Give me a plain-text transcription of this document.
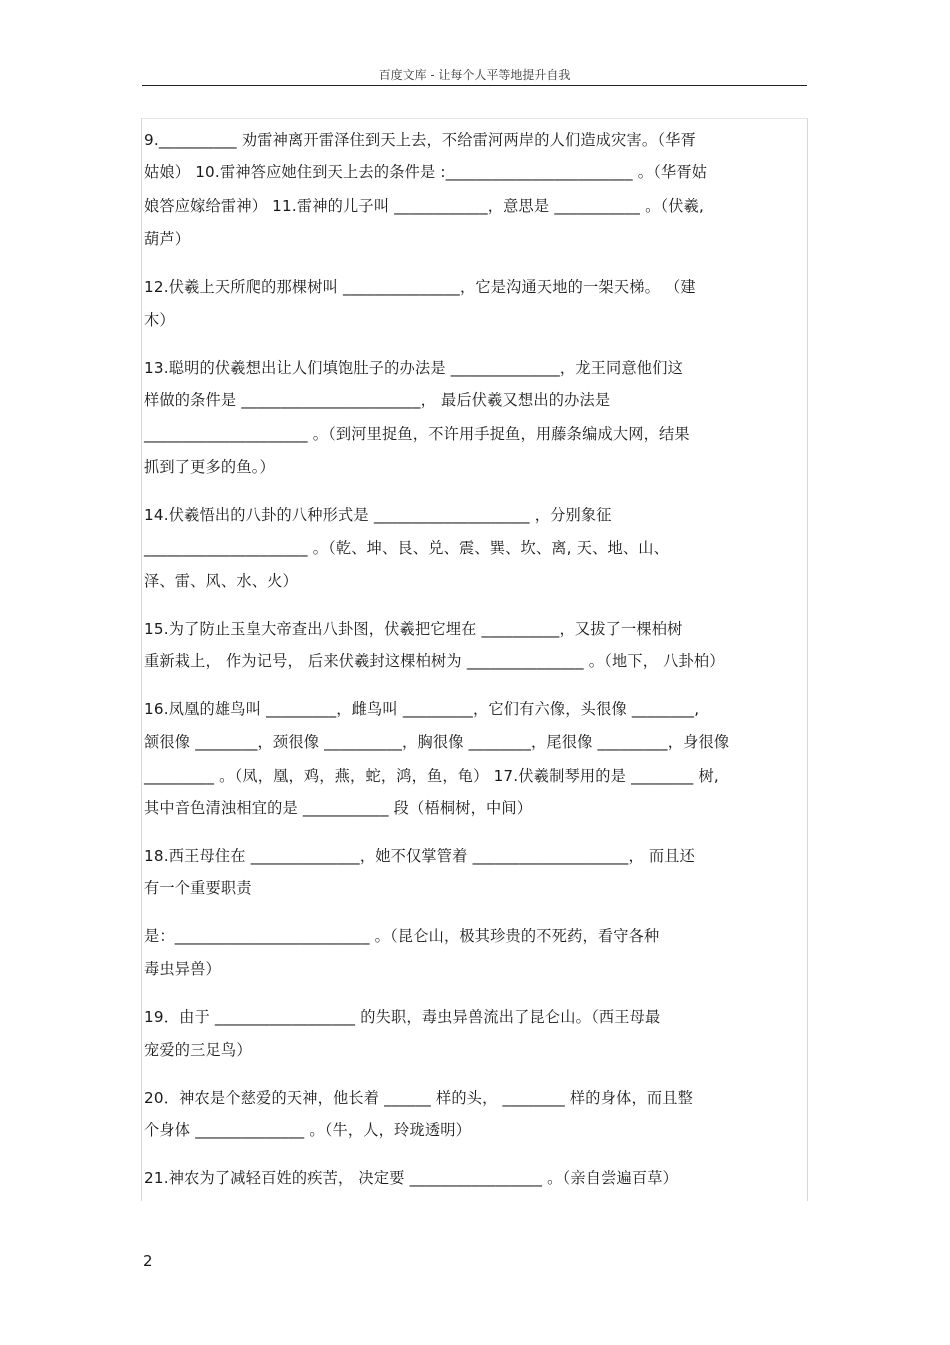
百度文库 - 让每个人平等地提升自我
9.__________ 劝雷神离开雷泽住到天上去，不给雷河两岸的人们造成灾害。（华胥
姑娘） 10.雷神答应她住到天上去的条件是 :________________________ 。（华胥姑
娘答应嫁给雷神） 11.雷神的儿子叫 ____________，意思是 ___________ 。（伏羲,
葫芦）
12.伏羲上天所爬的那棵树叫 _______________，它是沟通天地的一架天梯。 （建
木）
13.聪明的伏羲想出让人们填饱肚子的办法是 ______________，龙王同意他们这
样做的条件是 _______________________， 最后伏羲又想出的办法是
_____________________ 。（到河里捉鱼，不许用手捉鱼，用藤条编成大网，结果
抓到了更多的鱼。）
14.伏羲悟出的八卦的八种形式是 ____________________ ，分别象征
_____________________ 。（乾、坤、艮、兑、震、巽、坎、离, 天、地、山、
泽、雷、风、水、火）
15.为了防止玉皇大帝查出八卦图，伏羲把它埋在 __________，又拔了一棵柏树
重新栽上， 作为记号， 后来伏羲封这棵柏树为 _______________ 。（地下， 八卦柏）
16.凤凰的雄鸟叫 _________，雌鸟叫 _________，它们有六像，头很像 ________,
颔很像 ________，颈很像 __________，胸很像 ________，尾很像 _________，身很像
_________ 。（凤，凰，鸡，燕，蛇，鸿，鱼，龟） 17.伏羲制琴用的是 ________ 树,
其中音色清浊相宜的是 ___________ 段（梧桐树，中间）
18.西王母住在 ______________，她不仅掌管着 ____________________， 而且还
有一个重要职责
是：_________________________ 。（昆仑山，极其珍贵的不死药，看守各种
毒虫异兽）
19．由于 __________________ 的失职，毒虫异兽流出了昆仑山。（西王母最
宠爱的三足鸟）
20．神农是个慈爱的天神，他长着 ______ 样的头， ________ 样的身体，而且整
个身体 ______________ 。（牛，人，玲珑透明）
21.神农为了减轻百姓的疾苦， 决定要 _________________ 。（亲自尝遍百草）
2
